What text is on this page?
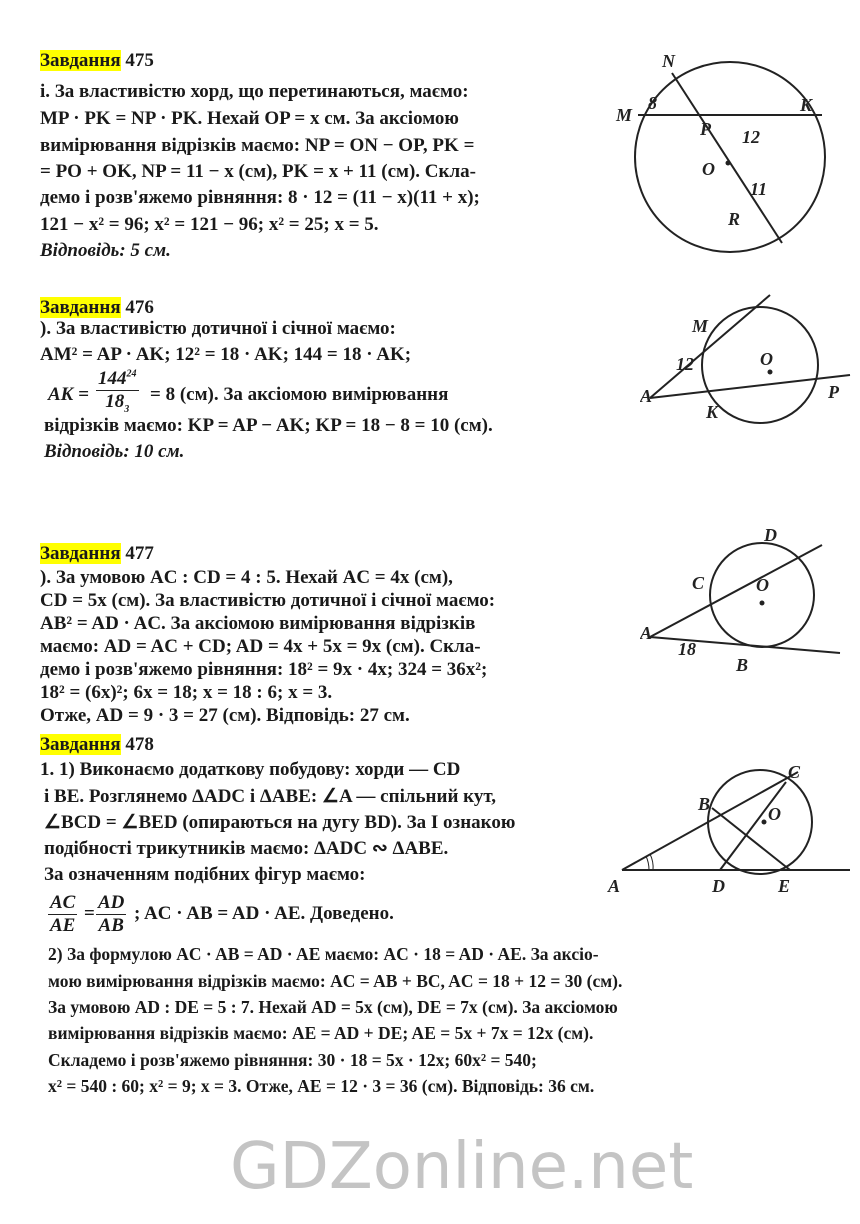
Завдання 475
і. За властивістю хорд, що перетинаються, маємо:
MP · PK = NP · PK. Нехай OP = x см. За аксіомою
вимірювання відрізків маємо: NP = ON − OP, PK =
= PO + OK, NP = 11 − x (см), PK = x + 11 (см). Скла-
демо і розв'яжемо рівняння: 8 · 12 = (11 − x)(11 + x);
121 − x² = 96; x² = 121 − 96; x² = 25; x = 5.
Відповідь: 5 см.
N
M
8
P
K
12
O
11
R
Завдання 476
). За властивістю дотичної і січної маємо:
AM² = AP · AK; 12² = 18 · AK; 144 = 18 · AK;
AK = $\frac{144^{24}}{18_3} = 8$ (см). За аксіомою вимірювання
відрізків маємо: KP = AP − AK; KP = 18 − 8 = 10 (см).
Відповідь: 10 см.
M
12	O
P
A
K
Завдання 477
). За умовою AC : CD = 4 : 5. Нехай AC = 4x (см),
CD = 5x (см). За властивістю дотичної і січної маємо:
AB² = AD · AC. За аксіомою вимірювання відрізків
маємо: AD = AC + CD; AD = 4x + 5x = 9x (см). Скла-
демо і розв'яжемо рівняння: 18² = 9x · 4x; 324 = 36x²;
18² = (6x)²; 6x = 18; x = 18 : 6; x = 3.
Отже, AD = 9 · 3 = 27 (см). Відповідь: 27 см.
D
C	O
A
18
B
Завдання 478
1. 1) Виконаємо додаткову побудову: хорди — CD
і BE. Розглянемо ΔADC і ΔABE: ∠A — спільний кут,
∠BCD = ∠BED (опираються на дугу BD). За І ознакою
подібності трикутників маємо: ΔADC ∾ ΔABE.
За означенням подібних фігур маємо:
$\frac{AC}{AE} = \frac{AD}{AB}$ ; AC · AB = AD · AE. Доведено.
2) За формулою AC · AB = AD · AE маємо: AC · 18 = AD · AE. За аксіо-
мою вимірювання відрізків маємо: AC = AB + BC, AC = 18 + 12 = 30 (см).
За умовою AD : DE = 5 : 7. Нехай AD = 5x (см), DE = 7x (см). За аксіомою
вимірювання відрізків маємо: AE = AD + DE; AE = 5x + 7x = 12x (см).
Складемо і розв'яжемо рівняння: 30 · 18 = 5x · 12x; 60x² = 540;
x² = 540 : 60; x² = 9; x = 3. Отже, AE = 12 · 3 = 36 (см). Відповідь: 36 см.
C
B	O
A	D	E
GDZonline.net
